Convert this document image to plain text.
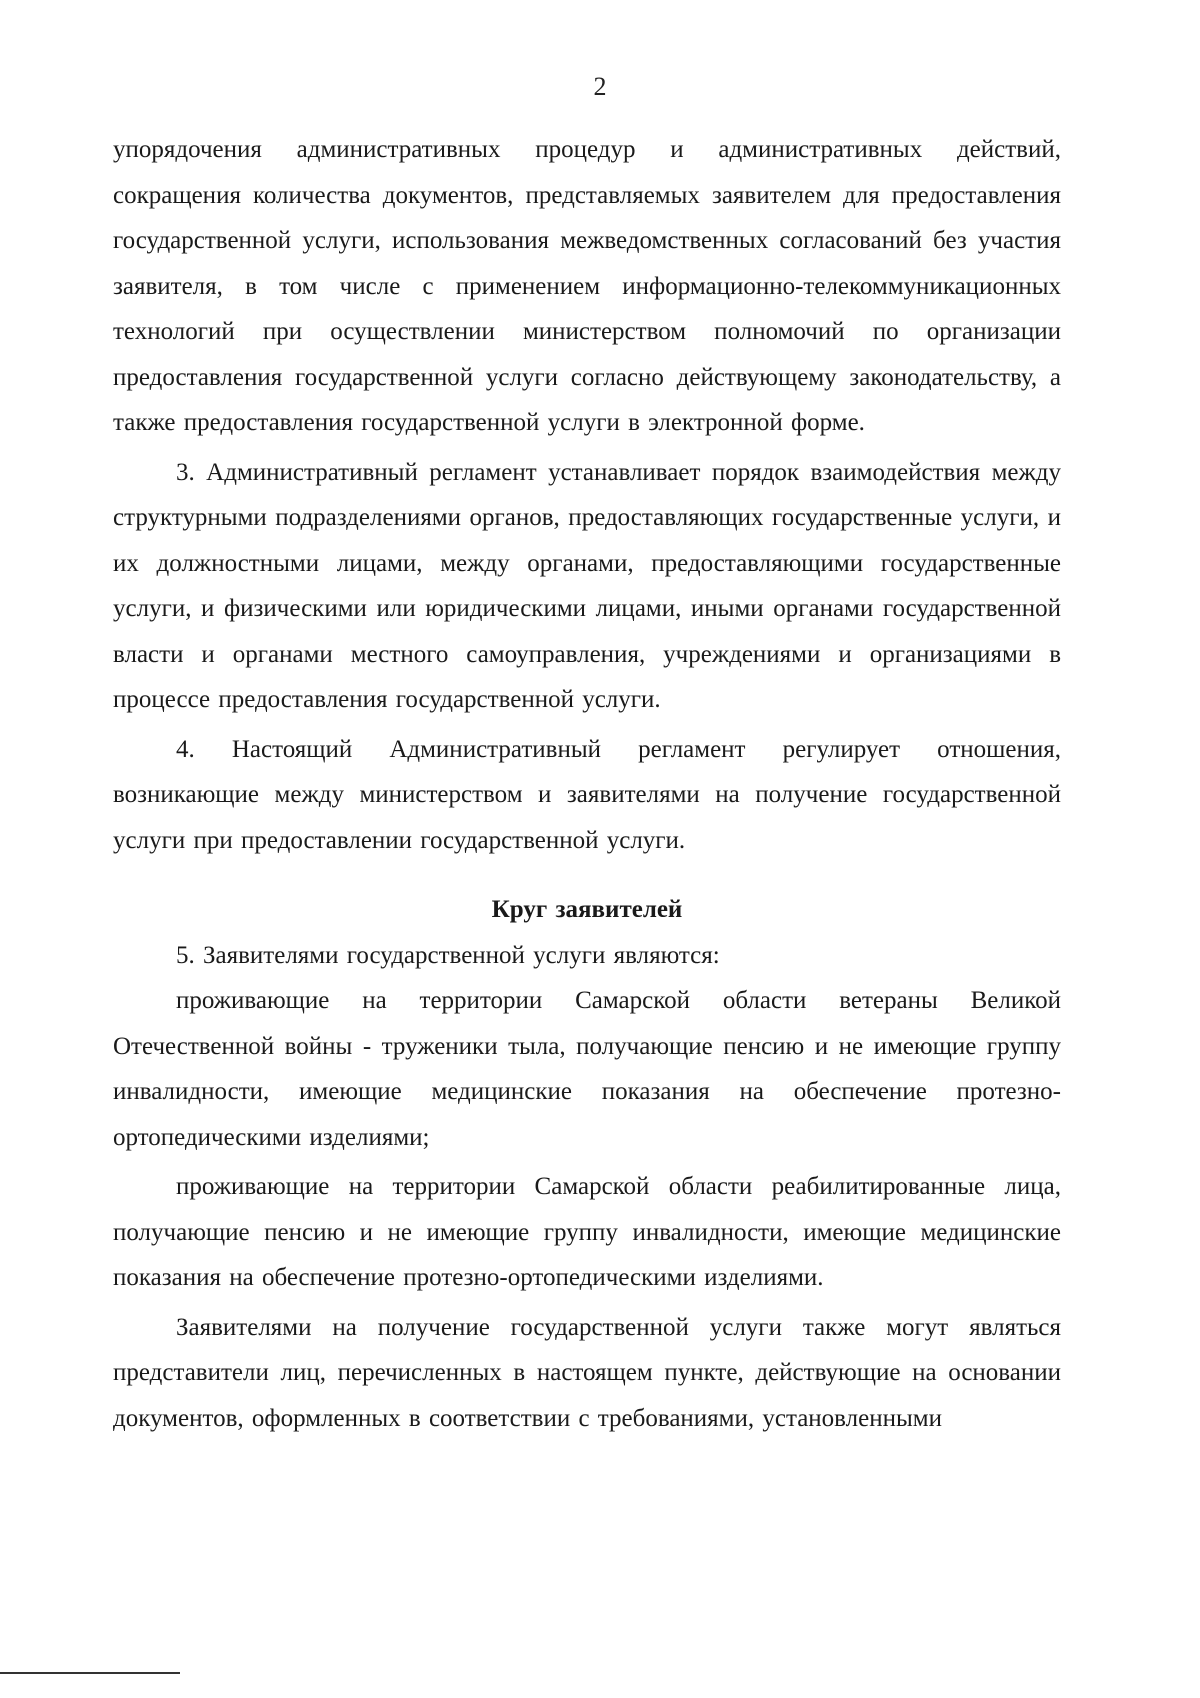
2

упорядочения административных процедур и административных действий, сокращения количества документов, представляемых заявителем для предоставления государственной услуги, использования межведомственных согласований без участия заявителя, в том числе с применением информационно-телекоммуникационных технологий при осуществлении министерством полномочий по организации предоставления государственной услуги согласно действующему законодательству, а также предоставления государственной услуги в электронной форме.

3. Административный регламент устанавливает порядок взаимодействия между структурными подразделениями органов, предоставляющих государственные услуги, и их должностными лицами, между органами, предоставляющими государственные услуги, и физическими или юридическими лицами, иными органами государственной власти и органами местного самоуправления, учреждениями и организациями в процессе предоставления государственной услуги.

4. Настоящий Административный регламент регулирует отношения, возникающие между министерством и заявителями на получение государственной услуги при предоставлении государственной услуги.

Круг заявителей

5. Заявителями государственной услуги являются:

проживающие на территории Самарской области ветераны Великой Отечественной войны - труженики тыла, получающие пенсию и не имеющие группу инвалидности, имеющие медицинские показания на обеспечение протезно-ортопедическими изделиями;

проживающие на территории Самарской области реабилитированные лица, получающие пенсию и не имеющие группу инвалидности, имеющие медицинские показания на обеспечение протезно-ортопедическими изделиями.

Заявителями на получение государственной услуги также могут являться представители лиц, перечисленных в настоящем пункте, действующие на основании документов, оформленных в соответствии с требованиями, установленными
